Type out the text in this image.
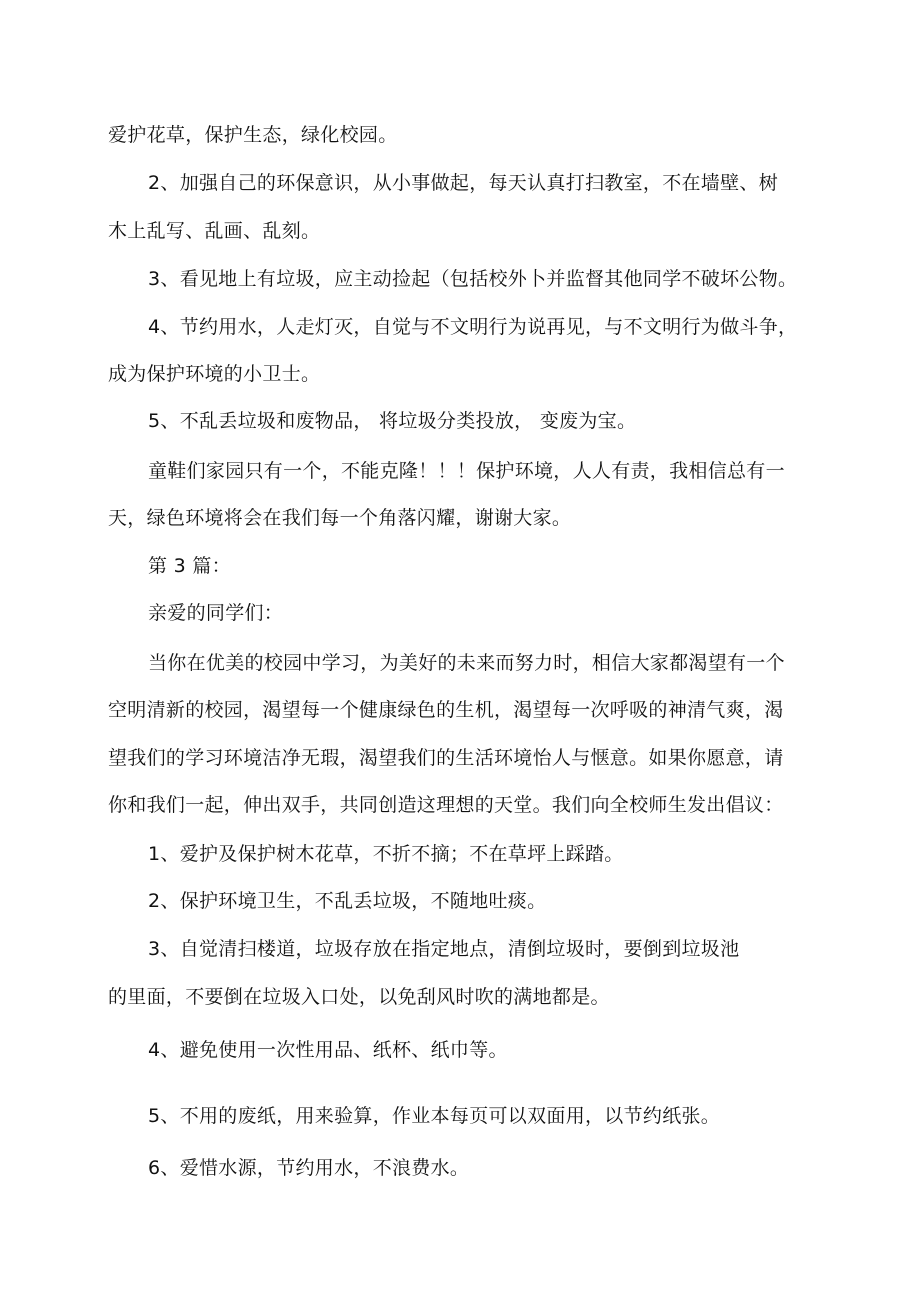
爱护花草，保护生态，绿化校园。
2、加强自己的环保意识，从小事做起，每天认真打扫教室，不在墙壁、树
木上乱写、乱画、乱刻。
3、看见地上有垃圾，应主动捡起（包括校外卜并监督其他同学不破坏公物。
4、节约用水，人走灯灭，自觉与不文明行为说再见，与不文明行为做斗争，
成为保护环境的小卫士。
5、不乱丢垃圾和废物品， 将垃圾分类投放， 变废为宝。
童鞋们家园只有一个，不能克隆！！！保护环境，人人有责，我相信总有一
天，绿色环境将会在我们每一个角落闪耀，谢谢大家。
第 3 篇：
亲爱的同学们：
当你在优美的校园中学习，为美好的未来而努力时，相信大家都渴望有一个
空明清新的校园，渴望每一个健康绿色的生机，渴望每一次呼吸的神清气爽，渴
望我们的学习环境洁净无瑕，渴望我们的生活环境怡人与惬意。如果你愿意，请
你和我们一起，伸出双手，共同创造这理想的天堂。我们向全校师生发出倡议：
1、爱护及保护树木花草，不折不摘；不在草坪上踩踏。
2、保护环境卫生，不乱丢垃圾，不随地吐痰。
3、自觉清扫楼道，垃圾存放在指定地点，清倒垃圾时，要倒到垃圾池
的里面，不要倒在垃圾入口处，以免刮风时吹的满地都是。
4、避免使用一次性用品、纸杯、纸巾等。
5、不用的废纸，用来验算，作业本每页可以双面用，以节约纸张。
6、爱惜水源，节约用水，不浪费水。
